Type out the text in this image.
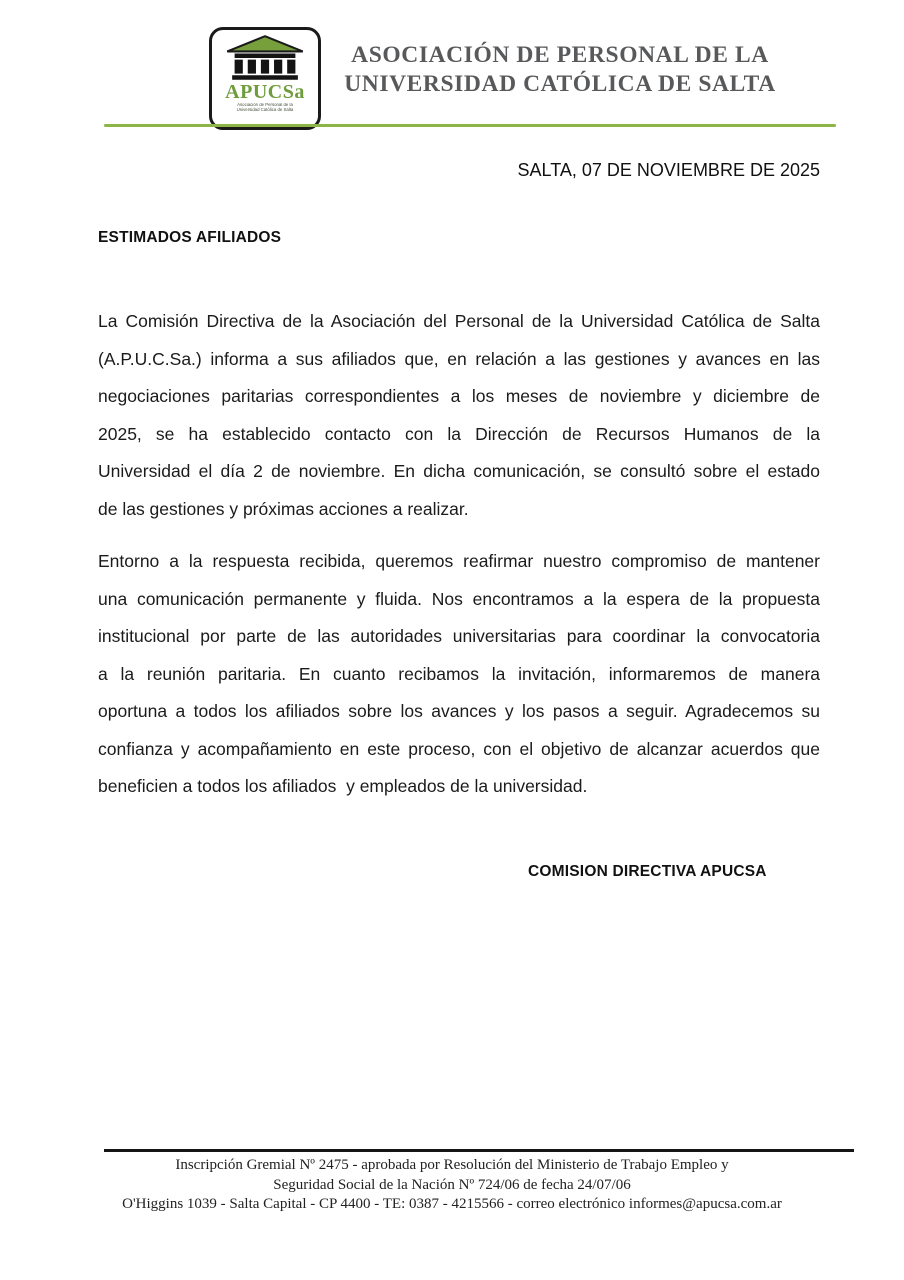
APUCSa
Asociación de Personal de la
Universidad Católica de Salta
ASOCIACIÓN DE PERSONAL DE LA
UNIVERSIDAD CATÓLICA DE SALTA
SALTA, 07 DE NOVIEMBRE DE 2025
ESTIMADOS AFILIADOS
La Comisión Directiva de la Asociación del Personal de la Universidad Católica de Salta
(A.P.U.C.Sa.) informa a sus afiliados que, en relación a las gestiones y avances en las
negociaciones paritarias correspondientes a los meses de noviembre y diciembre de
2025, se ha establecido contacto con la Dirección de Recursos Humanos de la
Universidad el día 2 de noviembre. En dicha comunicación, se consultó sobre el estado
de las gestiones y próximas acciones a realizar.
Entorno a la respuesta recibida, queremos reafirmar nuestro compromiso de mantener
una comunicación permanente y fluida. Nos encontramos a la espera de la propuesta
institucional por parte de las autoridades universitarias para coordinar la convocatoria
a la reunión paritaria. En cuanto recibamos la invitación, informaremos de manera
oportuna a todos los afiliados sobre los avances y los pasos a seguir. Agradecemos su
confianza y acompañamiento en este proceso, con el objetivo de alcanzar acuerdos que
beneficien a todos los afiliados  y empleados de la universidad.
COMISION DIRECTIVA APUCSA
Inscripción Gremial Nº 2475 - aprobada por Resolución del Ministerio de Trabajo Empleo y
Seguridad Social de la Nación Nº 724/06 de fecha 24/07/06
O'Higgins 1039 - Salta Capital - CP 4400 - TE: 0387 - 4215566 - correo electrónico informes@apucsa.com.ar
